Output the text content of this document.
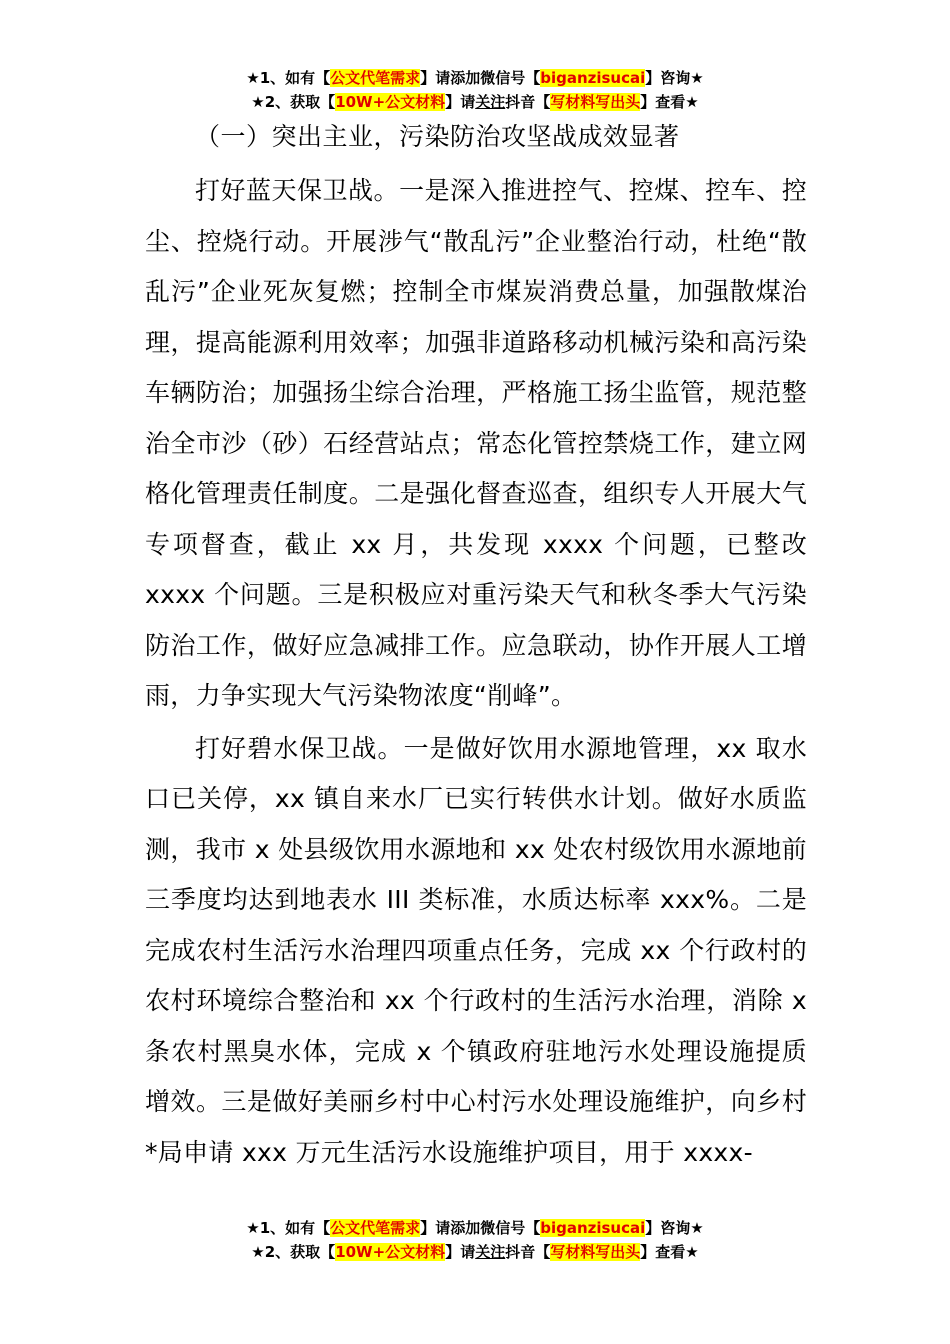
★1、如有【公文代笔需求】请添加微信号【biganzisucai】咨询★
★2、获取【10W+公文材料】请关注抖音【写材料写出头】查看★
（一）突出主业，污染防治攻坚战成效显著

打好蓝天保卫战。一是深入推进控气、控煤、控车、控尘、控烧行动。开展涉气“散乱污”企业整治行动，杜绝“散乱污”企业死灰复燃；控制全市煤炭消费总量，加强散煤治理，提高能源利用效率；加强非道路移动机械污染和高污染车辆防治；加强扬尘综合治理，严格施工扬尘监管，规范整治全市沙（砂）石经营站点；常态化管控禁烧工作，建立网格化管理责任制度。二是强化督查巡查，组织专人开展大气专项督查，截止 xx 月，共发现 xxxx 个问题，已整改 xxxx 个问题。三是积极应对重污染天气和秋冬季大气污染防治工作，做好应急减排工作。应急联动，协作开展人工增雨，力争实现大气污染物浓度“削峰”。

打好碧水保卫战。一是做好饮用水源地管理，xx 取水口已关停，xx 镇自来水厂已实行转供水计划。做好水质监测，我市 x 处县级饮用水源地和 xx 处农村级饮用水源地前三季度均达到地表水 III 类标准，水质达标率 xxx%。二是完成农村生活污水治理四项重点任务，完成 xx 个行政村的农村环境综合整治和 xx 个行政村的生活污水治理，消除 x 条农村黑臭水体，完成 x 个镇政府驻地污水处理设施提质增效。三是做好美丽乡村中心村污水处理设施维护，向乡村*局申请 xxx 万元生活污水设施维护项目，用于 xxxx-

★1、如有【公文代笔需求】请添加微信号【biganzisucai】咨询★
★2、获取【10W+公文材料】请关注抖音【写材料写出头】查看★
